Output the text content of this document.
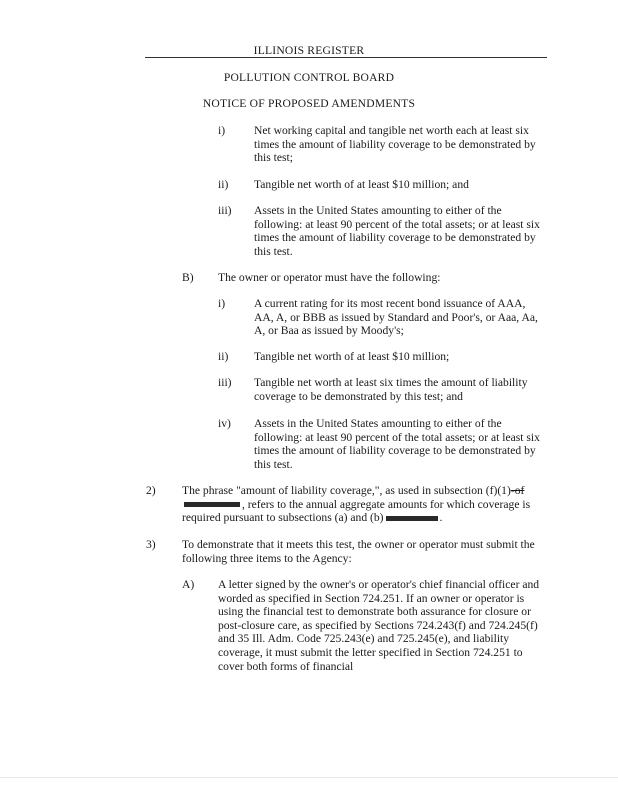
ILLINOIS REGISTER
POLLUTION CONTROL BOARD
NOTICE OF PROPOSED AMENDMENTS
i) Net working capital and tangible net worth each at least six times the amount of liability coverage to be demonstrated by this test;
ii) Tangible net worth of at least $10 million; and
iii) Assets in the United States amounting to either of the following: at least 90 percent of the total assets; or at least six times the amount of liability coverage to be demonstrated by this test.
B) The owner or operator must have the following:
i) A current rating for its most recent bond issuance of AAA, AA, A, or BBB as issued by Standard and Poor's, or Aaa, Aa, A, or Baa as issued by Moody's;
ii) Tangible net worth of at least $10 million;
iii) Tangible net worth at least six times the amount of liability coverage to be demonstrated by this test; and
iv) Assets in the United States amounting to either of the following: at least 90 percent of the total assets; or at least six times the amount of liability coverage to be demonstrated by this test.
2) The phrase "amount of liability coverage,", as used in subsection (f)(1)-of
, refers to the annual aggregate amounts for which coverage is
required pursuant to subsections (a) and (b)	.
3) To demonstrate that it meets this test, the owner or operator must submit the following three items to the Agency:
A) A letter signed by the owner's or operator's chief financial officer and worded as specified in Section 724.251. If an owner or operator is using the financial test to demonstrate both assurance for closure or post-closure care, as specified by Sections 724.243(f) and 724.245(f) and 35 Ill. Adm. Code 725.243(e) and 725.245(e), and liability coverage, it must submit the letter specified in Section 724.251 to cover both forms of financial
